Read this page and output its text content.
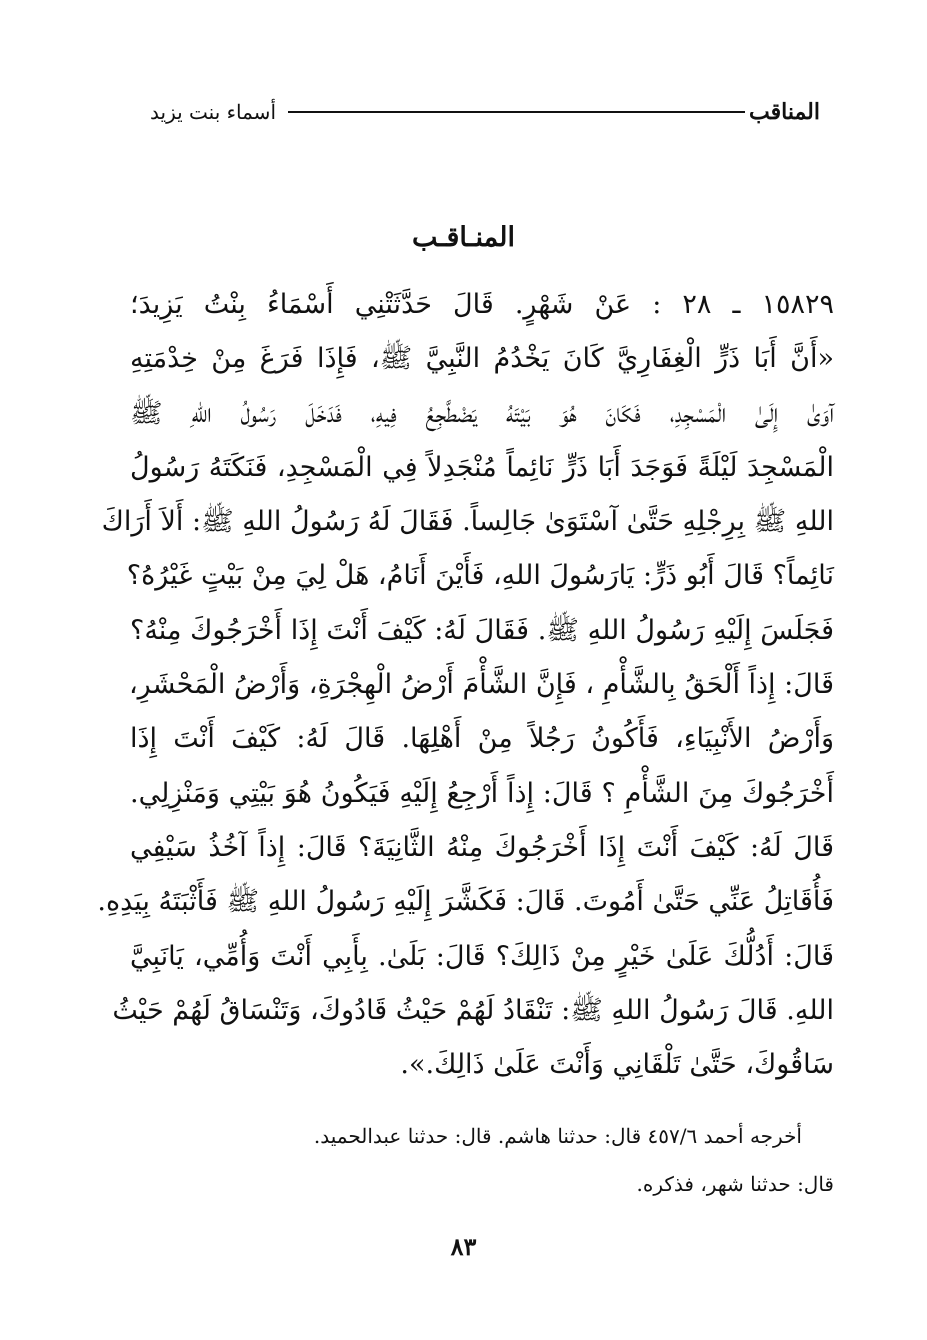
المناقب
أسماء بنت يزيد
المنـاقـب
١٥٨٢٩ ـ ٢٨ : عَنْ شَهْرٍ. قَالَ حَدَّثَتْنِي أَسْمَاءُ بِنْتُ يَزِيدَ؛
«أَنَّ أَبَا ذَرٍّ الْغِفَارِيَّ كَانَ يَخْدُمُ النَّبِيَّ ﷺ، فَإِذَا فَرَغَ مِنْ خِدْمَتِهِ
آوَىٰ إِلَىٰ الْمَسْجِدِ، فَكَانَ هُوَ بَيْتَهُ يَضْطَّجِعُ فِيهِ، فَدَخَلَ رَسُولُ اللهِ ﷺ
الْمَسْجِدَ لَيْلَةً فَوَجَدَ أَبَا ذَرٍّ نَائِماً مُنْجَدِلاً فِي الْمَسْجِدِ، فَنَكَتَهُ رَسُولُ
اللهِ ﷺ بِرِجْلِهِ حَتَّىٰ آسْتَوَىٰ جَالِساً. فَقَالَ لَهُ رَسُولُ اللهِ ﷺ: أَلاَ أَرَاكَ
نَائِماً؟ قَالَ أَبُو ذَرٍّ: يَارَسُولَ اللهِ، فَأَيْنَ أَنَامُ، هَلْ لِيَ مِنْ بَيْتٍ غَيْرُهُ؟
فَجَلَسَ إِلَيْهِ رَسُولُ اللهِ ﷺ. فَقَالَ لَهُ: كَيْفَ أَنْتَ إِذَا أَخْرَجُوكَ مِنْهُ؟
قَالَ: إِذاً أَلْحَقُ بِالشَّأْمِ ، فَإِنَّ الشَّأْمَ أَرْضُ الْهِجْرَةِ، وَأَرْضُ الْمَحْشَرِ،
وَأَرْضُ الأَنْبِيَاءِ، فَأَكُونُ رَجُلاً مِنْ أَهْلِهَا. قَالَ لَهُ: كَيْفَ أَنْتَ إِذَا
أَخْرَجُوكَ مِنَ الشَّأْمِ ؟ قَالَ: إِذاً أَرْجِعُ إِلَيْهِ فَيَكُونُ هُوَ بَيْتِي وَمَنْزِلِي.
قَالَ لَهُ: كَيْفَ أَنْتَ إِذَا أَخْرَجُوكَ مِنْهُ الثَّانِيَةَ؟ قَالَ: إِذاً آخُذُ سَيْفِي
فَأُقَاتِلُ عَنِّي حَتَّىٰ أَمُوتَ. قَالَ: فَكَشَّرَ إِلَيْهِ رَسُولُ اللهِ ﷺ فَأَثْبَتَهُ بِيَدِهِ.
قَالَ: أَدُلُّكَ عَلَىٰ خَيْرٍ مِنْ ذَالِكَ؟ قَالَ: بَلَىٰ. بِأَبِي أَنْتَ وَأُمِّي، يَانَبِيَّ
اللهِ. قَالَ رَسُولُ اللهِ ﷺ: تَنْقَادُ لَهُمْ حَيْثُ قَادُوكَ، وَتَنْسَاقُ لَهُمْ حَيْثُ
سَاقُوكَ، حَتَّىٰ تَلْقَانِي وَأَنْتَ عَلَىٰ ذَالِكَ.».
أخرجه أحمد ٤٥٧/٦ قال: حدثنا هاشم. قال: حدثنا عبدالحميد.
قال: حدثنا شهر، فذكره.
٨٣
